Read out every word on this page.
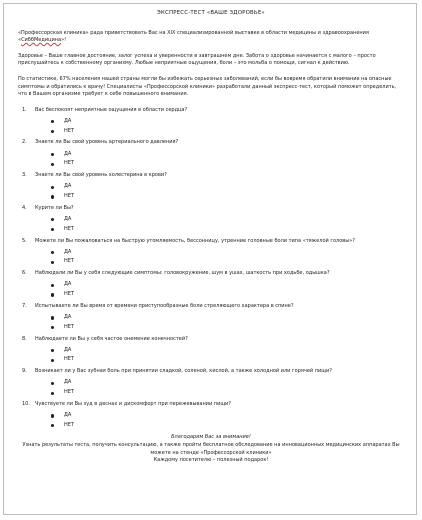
ЭКСПРЕСС-ТЕСТ «ВАШЕ ЗДОРОВЬЕ»

«Профессорская клиника» рада приветствовать Вас на XIX специализированной выставке в области медицины и здравоохранения «СиббМедицина»!

Здоровье – Ваше главное достояние, залог успеха и уверенности в завтрашнем дне. Забота о здоровье начинается с малого – просто прислушайтесь к собственному организму. Любые неприятные ощущения, боли – это мольба о помощи, сигнал к действию.

По статистике, 67% населения нашей страны могли бы избежать серьезных заболеваний, если бы вовремя обратили внимание на опасные симптомы и обратились к врачу! Специалисты «Профессорской клиники» разработали данный экспресс-тест, который поможет определить, что в Вашем организме требует к себе повышенного внимания.

1. Вас беспокоят неприятные ощущения в области сердца?
ДА
НЕТ
2. Знаете ли Вы свой уровень артериального давления?
ДА
НЕТ
3. Знаете ли Вы свой уровень холестерина в крови?
ДА
НЕТ
4. Курите ли Вы?
ДА
НЕТ
5. Можете ли Вы пожаловаться на быструю утомляемость, бессонницу, утренние головные боли типа «тяжелой головы»?
ДА
НЕТ
6. Наблюдали ли Вы у себя следующие симптомы: головокружение, шум в ушах, шаткость при ходьбе, одышка?
ДА
НЕТ
7. Испытываете ли Вы время от времени приступообразные боли стреляющего характера в спине?
ДА
НЕТ
8. Наблюдаете ли Вы у себя частое онемение конечностей?
ДА
НЕТ
9. Возникает ли у Вас зубная боль при принятии сладкой, соленой, кислой, а также холодной или горячей пищи?
ДА
НЕТ
10. Чувствуете ли Вы зуд в деснах и дискомфорт при пережевывании пищи?
ДА
НЕТ
Благодарим Вас за внимание!
Узнать результаты теста, получить консультацию, а также пройти бесплатное обследование на инновационных медицинских аппаратах Вы можете на стенде «Профессорской клиники»
Каждому посетителю – полезный подарок!
